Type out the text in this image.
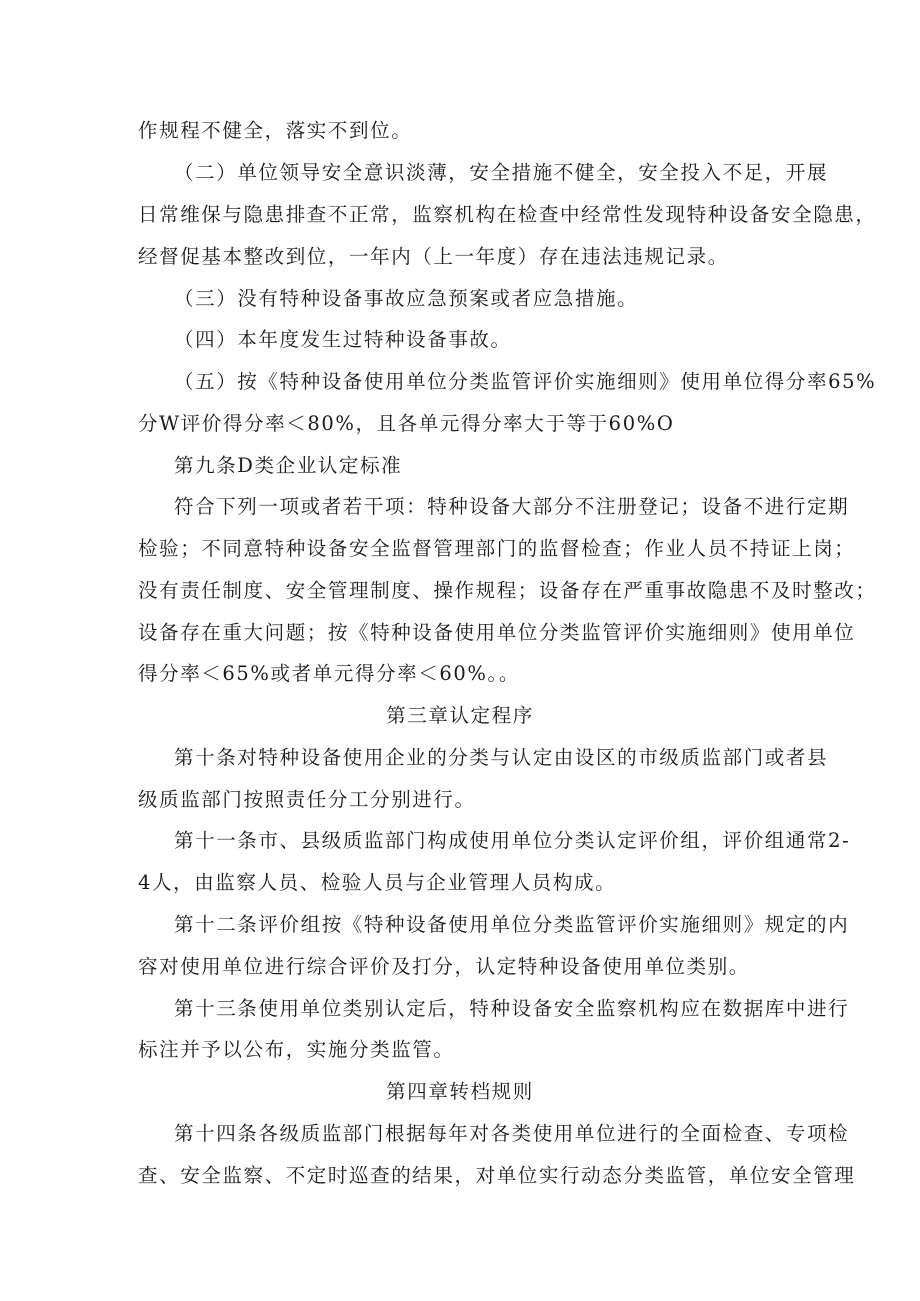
作规程不健全，落实不到位。
（二）单位领导安全意识淡薄，安全措施不健全，安全投入不足，开展
日常维保与隐患排查不正常，监察机构在检查中经常性发现特种设备安全隐患，
经督促基本整改到位，一年内（上一年度）存在违法违规记录。
（三）没有特种设备事故应急预案或者应急措施。
（四）本年度发生过特种设备事故。
（五）按《特种设备使用单位分类监管评价实施细则》使用单位得分率65%
分W评价得分率＜80%，且各单元得分率大于等于60%O
第九条D类企业认定标准
符合下列一项或者若干项：特种设备大部分不注册登记；设备不进行定期
检验；不同意特种设备安全监督管理部门的监督检查；作业人员不持证上岗；
没有责任制度、安全管理制度、操作规程；设备存在严重事故隐患不及时整改；
设备存在重大问题；按《特种设备使用单位分类监管评价实施细则》使用单位
得分率＜65%或者单元得分率＜60%。。
第三章认定程序
第十条对特种设备使用企业的分类与认定由设区的市级质监部门或者县
级质监部门按照责任分工分别进行。
第十一条市、县级质监部门构成使用单位分类认定评价组，评价组通常2-
4人，由监察人员、检验人员与企业管理人员构成。
第十二条评价组按《特种设备使用单位分类监管评价实施细则》规定的内
容对使用单位进行综合评价及打分，认定特种设备使用单位类别。
第十三条使用单位类别认定后，特种设备安全监察机构应在数据库中进行
标注并予以公布，实施分类监管。
第四章转档规则
第十四条各级质监部门根据每年对各类使用单位进行的全面检查、专项检
查、安全监察、不定时巡查的结果，对单位实行动态分类监管，单位安全管理
